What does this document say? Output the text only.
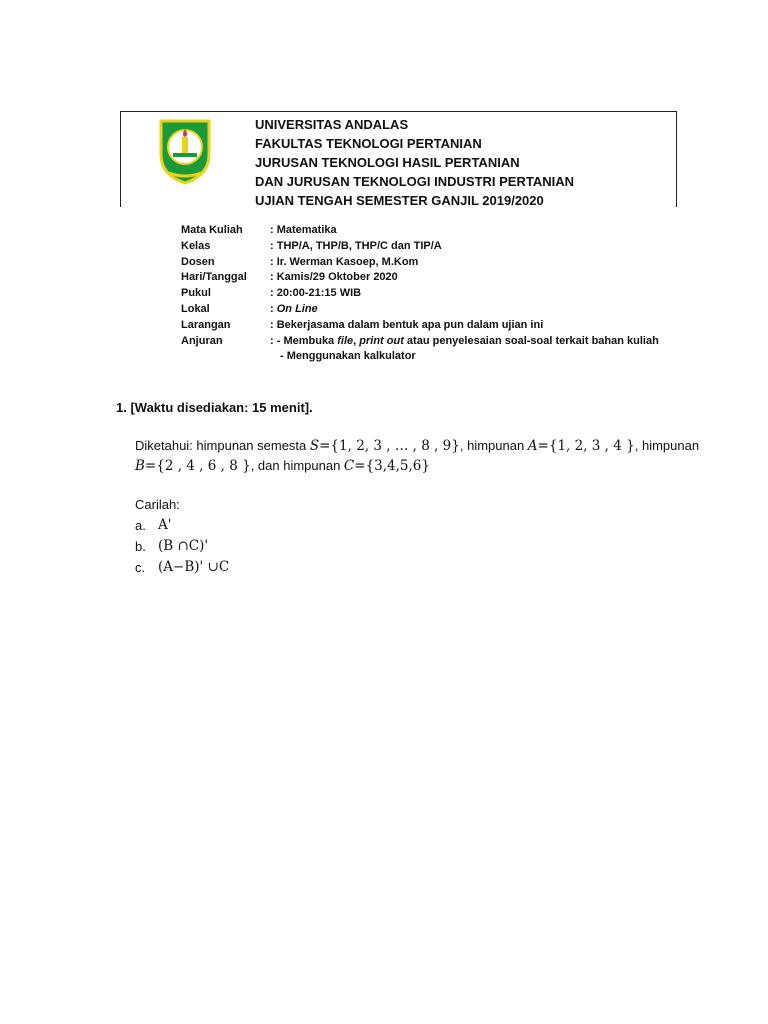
UNIVERSITAS ANDALAS
FAKULTAS TEKNOLOGI PERTANIAN
JURUSAN TEKNOLOGI HASIL PERTANIAN
DAN JURUSAN TEKNOLOGI INDUSTRI PERTANIAN
UJIAN TENGAH SEMESTER GANJIL 2019/2020
Mata Kuliah	: Matematika
Kelas	: THP/A, THP/B, THP/C dan TIP/A
Dosen	: Ir. Werman Kasoep, M.Kom
Hari/Tanggal	: Kamis/29 Oktober 2020
Pukul	: 20:00-21:15 WIB
Lokal	: On Line
Larangan	: Bekerjasama dalam bentuk apa pun dalam ujian ini
Anjuran	: - Membuka file, print out atau penyelesaian soal-soal terkait bahan kuliah
- Menggunakan kalkulator
1. [Waktu disediakan: 15 menit].
Diketahui: himpunan semesta S={1, 2, 3 , … , 8 , 9}, himpunan A={1, 2, 3 , 4 }, himpunan
B={2 , 4 , 6 , 8 }, dan himpunan C={3,4,5,6}
Carilah:
a. A'
b. (B ∩C)'
c. (A−B)' ∪C
